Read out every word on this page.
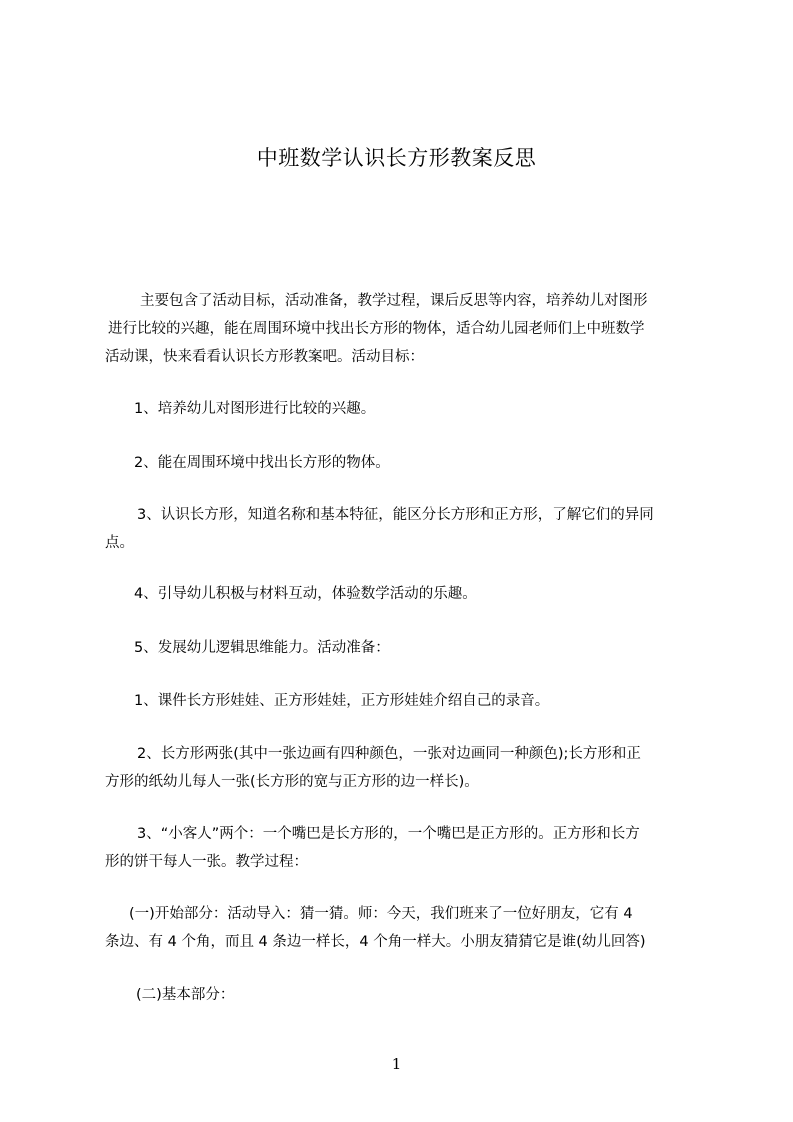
中班数学认识长方形教案反思
主要包含了活动目标，活动准备，教学过程，课后反思等内容，培养幼儿对图形
进行比较的兴趣，能在周围环境中找出长方形的物体，适合幼儿园老师们上中班数学
活动课，快来看看认识长方形教案吧。活动目标：
1、培养幼儿对图形进行比较的兴趣。
2、能在周围环境中找出长方形的物体。
3、认识长方形，知道名称和基本特征，能区分长方形和正方形，了解它们的异同
点。
4、引导幼儿积极与材料互动，体验数学活动的乐趣。
5、发展幼儿逻辑思维能力。活动准备：
1、课件长方形娃娃、正方形娃娃，正方形娃娃介绍自己的录音。
2、长方形两张(其中一张边画有四种颜色，一张对边画同一种颜色);长方形和正
方形的纸幼儿每人一张(长方形的宽与正方形的边一样长)。
3、“小客人”两个：一个嘴巴是长方形的，一个嘴巴是正方形的。正方形和长方
形的饼干每人一张。教学过程：
(一)开始部分：活动导入：猜一猜。师：今天，我们班来了一位好朋友，它有 4
条边、有 4 个角，而且 4 条边一样长，4 个角一样大。小朋友猜猜它是谁(幼儿回答)
(二)基本部分：
1
